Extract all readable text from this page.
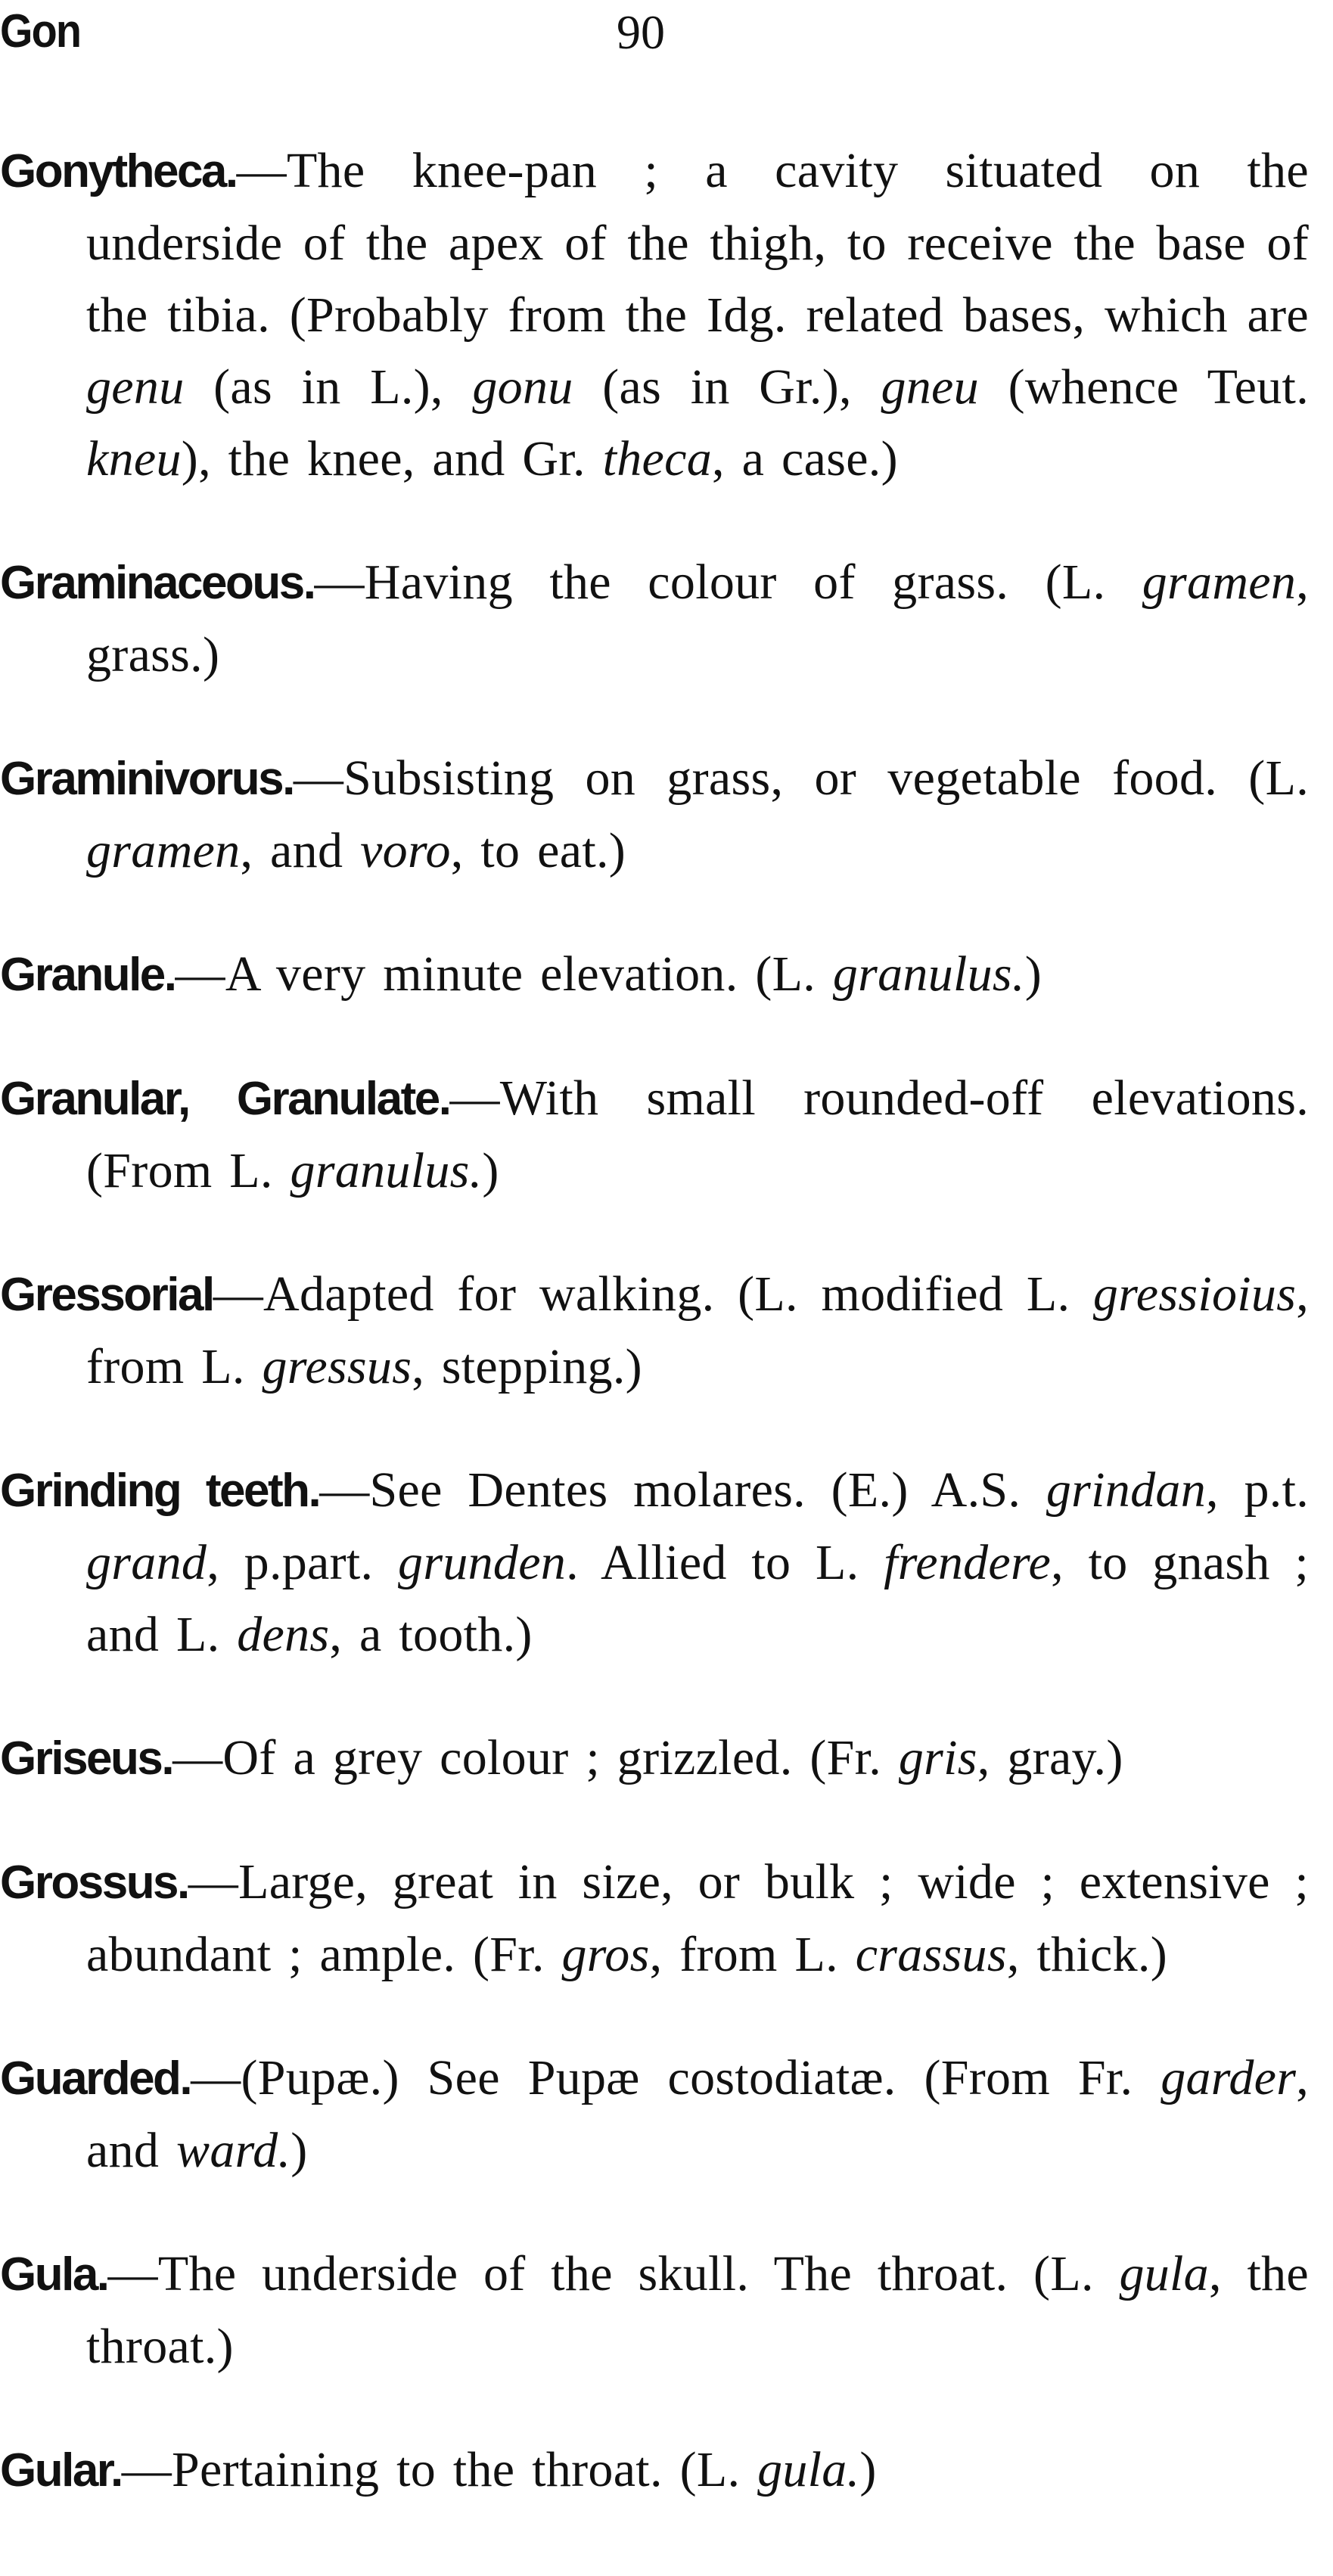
Gon	90

Gonytheca.—The knee-pan ; a cavity situated on the underside of the apex of the thigh, to receive the base of the tibia. (Probably from the Idg. related bases, which are genu (as in L.), gonu (as in Gr.), gneu (whence Teut. kneu), the knee, and Gr. theca, a case.)

Graminaceous.—Having the colour of grass. (L. gramen, grass.)

Graminivorus.—Subsisting on grass, or vegetable food. (L. gramen, and voro, to eat.)

Granule.—A very minute elevation. (L. granulus.)

Granular, Granulate.—With small rounded-off elevations. (From L. granulus.)

Gressorial—Adapted for walking. (L. modified L. gressioius, from L. gressus, stepping.)

Grinding teeth.—See Dentes molares. (E.) A.S. grindan, p.t. grand, p.part. grunden. Allied to L. frendere, to gnash ; and L. dens, a tooth.)

Griseus.—Of a grey colour ; grizzled. (Fr. gris, gray.)

Grossus.—Large, great in size, or bulk ; wide ; extensive ; abundant ; ample. (Fr. gros, from L. crassus, thick.)

Guarded.—(Pupæ.) See Pupæ costodiatæ. (From Fr. garder, and ward.)

Gula.—The underside of the skull. The throat. (L. gula, the throat.)

Gular.—Pertaining to the throat. (L. gula.)
